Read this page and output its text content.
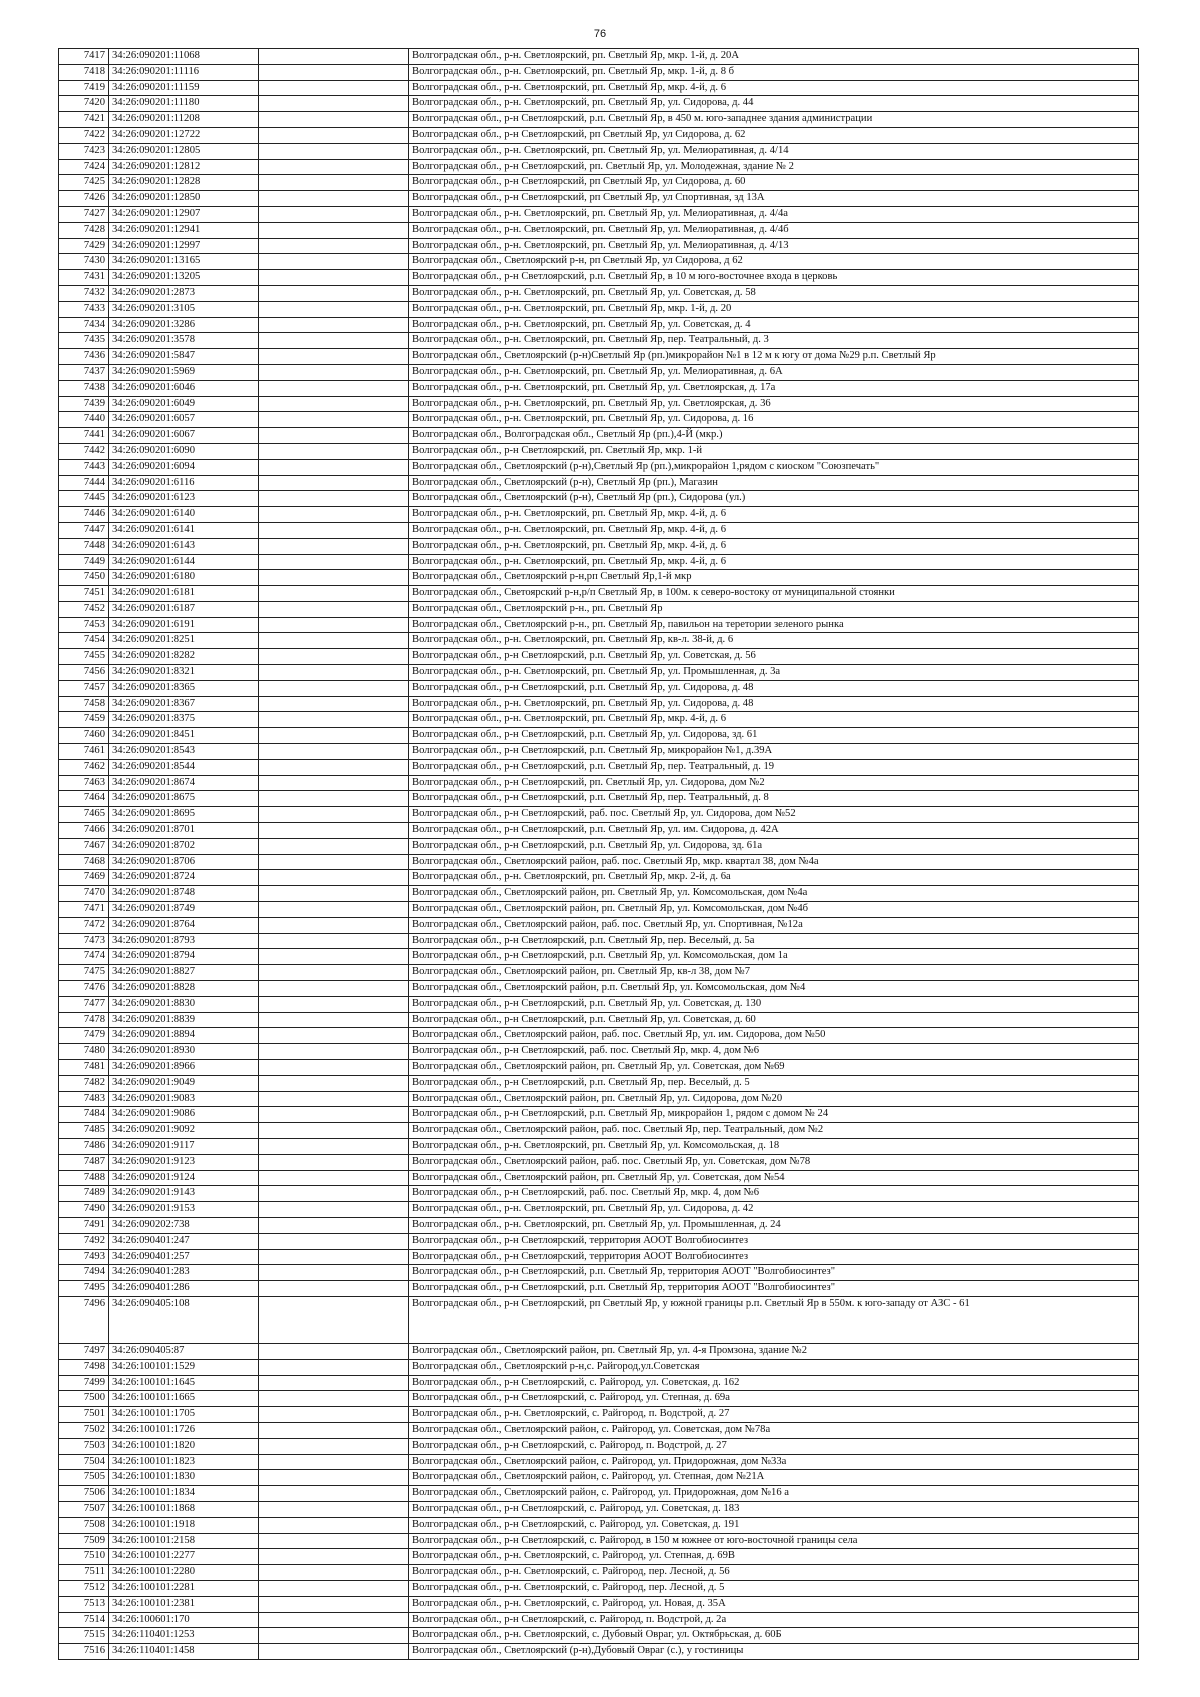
76
7417	34:26:090201:11068		Волгоградская обл., р-н. Светлоярский, рп. Светлый Яр, мкр. 1-й, д. 20А
7418	34:26:090201:11116		Волгоградская обл., р-н. Светлоярский, рп. Светлый Яр, мкр. 1-й, д. 8 б
7419	34:26:090201:11159		Волгоградская обл., р-н. Светлоярский, рп. Светлый Яр, мкр. 4-й, д. 6
7420	34:26:090201:11180		Волгоградская обл., р-н. Светлоярский, рп. Светлый Яр, ул. Сидорова, д. 44
7421	34:26:090201:11208		Волгоградская обл., р-н Светлоярский, р.п. Светлый Яр, в 450 м. юго-западнее здания администрации
7422	34:26:090201:12722		Волгоградская обл., р-н Светлоярский, рп Светлый Яр, ул Сидорова, д. 62
7423	34:26:090201:12805		Волгоградская обл., р-н. Светлоярский, рп. Светлый Яр, ул. Мелиоративная, д. 4/14
7424	34:26:090201:12812		Волгоградская обл., р-н Светлоярский, рп. Светлый Яр, ул. Молодежная, здание № 2
7425	34:26:090201:12828		Волгоградская обл., р-н Светлоярский, рп Светлый Яр, ул Сидорова, д. 60
7426	34:26:090201:12850		Волгоградская обл., р-н Светлоярский, рп Светлый Яр, ул Спортивная, зд 13А
7427	34:26:090201:12907		Волгоградская обл., р-н. Светлоярский, рп. Светлый Яр, ул. Мелиоративная, д. 4/4а
7428	34:26:090201:12941		Волгоградская обл., р-н. Светлоярский, рп. Светлый Яр, ул. Мелиоративная, д. 4/4б
7429	34:26:090201:12997		Волгоградская обл., р-н. Светлоярский, рп. Светлый Яр, ул. Мелиоративная, д. 4/13
7430	34:26:090201:13165		Волгоградская обл., Светлоярский р-н, рп Светлый Яр, ул Сидорова, д 62
7431	34:26:090201:13205		Волгоградская обл., р-н Светлоярский, р.п. Светлый Яр, в 10 м юго-восточнее входа в церковь
7432	34:26:090201:2873		Волгоградская обл., р-н. Светлоярский, рп. Светлый Яр, ул. Советская, д. 58
7433	34:26:090201:3105		Волгоградская обл., р-н. Светлоярский, рп. Светлый Яр, мкр. 1-й, д. 20
7434	34:26:090201:3286		Волгоградская обл., р-н. Светлоярский, рп. Светлый Яр, ул. Советская, д. 4
7435	34:26:090201:3578		Волгоградская обл., р-н. Светлоярский, рп. Светлый Яр, пер. Театральный, д. 3
7436	34:26:090201:5847		Волгоградская обл., Светлоярский (р-н)Светлый Яр (рп.)микрорайон №1 в 12 м к югу от дома №29 р.п. Светлый Яр
7437	34:26:090201:5969		Волгоградская обл., р-н. Светлоярский, рп. Светлый Яр, ул. Мелиоративная, д. 6А
7438	34:26:090201:6046		Волгоградская обл., р-н. Светлоярский, рп. Светлый Яр, ул. Светлоярская, д. 17а
7439	34:26:090201:6049		Волгоградская обл., р-н. Светлоярский, рп. Светлый Яр, ул. Светлоярская, д. 36
7440	34:26:090201:6057		Волгоградская обл., р-н. Светлоярский, рп. Светлый Яр, ул. Сидорова, д. 16
7441	34:26:090201:6067		Волгоградская обл., Волгоградская обл., Светлый Яр (рп.),4-Й (мкр.)
7442	34:26:090201:6090		Волгоградская обл., р-н Светлоярский, рп. Светлый Яр, мкр. 1-й
7443	34:26:090201:6094		Волгоградская обл., Светлоярский (р-н),Светлый Яр (рп.),микрорайон 1,рядом с киоском "Союзпечать"
7444	34:26:090201:6116		Волгоградская обл., Светлоярский (р-н), Светлый Яр (рп.), Магазин
7445	34:26:090201:6123		Волгоградская обл., Светлоярский (р-н), Светлый Яр (рп.), Сидорова (ул.)
7446	34:26:090201:6140		Волгоградская обл., р-н. Светлоярский, рп. Светлый Яр, мкр. 4-й, д. 6
7447	34:26:090201:6141		Волгоградская обл., р-н. Светлоярский, рп. Светлый Яр, мкр. 4-й, д. 6
7448	34:26:090201:6143		Волгоградская обл., р-н. Светлоярский, рп. Светлый Яр, мкр. 4-й, д. 6
7449	34:26:090201:6144		Волгоградская обл., р-н. Светлоярский, рп. Светлый Яр, мкр. 4-й, д. 6
7450	34:26:090201:6180		Волгоградская обл., Светлоярский р-н,рп Светлый Яр,1-й мкр
7451	34:26:090201:6181		Волгоградская обл., Светоярский р-н,р/п Светлый Яр, в 100м. к северо-востоку от муниципальной стоянки
7452	34:26:090201:6187		Волгоградская обл., Светлоярский р-н., рп. Светлый Яр
7453	34:26:090201:6191		Волгоградская обл., Светлоярский р-н., рп. Светлый Яр, павильон на теретории зеленого рынка
7454	34:26:090201:8251		Волгоградская обл., р-н. Светлоярский, рп. Светлый Яр, кв-л. 38-й, д. 6
7455	34:26:090201:8282		Волгоградская обл., р-н Светлоярский, р.п. Светлый Яр, ул. Советская, д. 56
7456	34:26:090201:8321		Волгоградская обл., р-н. Светлоярский, рп. Светлый Яр, ул. Промышленная, д. 3а
7457	34:26:090201:8365		Волгоградская обл., р-н Светлоярский, р.п. Светлый Яр, ул. Сидорова, д. 48
7458	34:26:090201:8367		Волгоградская обл., р-н. Светлоярский, рп. Светлый Яр, ул. Сидорова, д. 48
7459	34:26:090201:8375		Волгоградская обл., р-н. Светлоярский, рп. Светлый Яр, мкр. 4-й, д. 6
7460	34:26:090201:8451		Волгоградская обл., р-н Светлоярский, р.п. Светлый Яр, ул. Сидорова, зд. 61
7461	34:26:090201:8543		Волгоградская обл., р-н Светлоярский, р.п. Светлый Яр, микрорайон №1, д.39А
7462	34:26:090201:8544		Волгоградская обл., р-н Светлоярский, р.п. Светлый Яр, пер. Театральный, д. 19
7463	34:26:090201:8674		Волгоградская обл., р-н Светлоярский, рп. Светлый Яр, ул. Сидорова, дом №2
7464	34:26:090201:8675		Волгоградская обл., р-н Светлоярский, р.п. Светлый Яр, пер. Театральный, д. 8
7465	34:26:090201:8695		Волгоградская обл., р-н Светлоярский, раб. пос. Светлый Яр, ул. Сидорова, дом №52
7466	34:26:090201:8701		Волгоградская обл., р-н Светлоярский, р.п. Светлый Яр, ул. им. Сидорова, д. 42А
7467	34:26:090201:8702		Волгоградская обл., р-н Светлоярский, р.п. Светлый Яр, ул. Сидорова, зд. 61а
7468	34:26:090201:8706		Волгоградская обл., Светлоярский район, раб. пос. Светлый Яр, мкр. квартал 38, дом №4а
7469	34:26:090201:8724		Волгоградская обл., р-н. Светлоярский, рп. Светлый Яр, мкр. 2-й, д. 6а
7470	34:26:090201:8748		Волгоградская обл., Светлоярский район, рп. Светлый Яр, ул. Комсомольская, дом №4а
7471	34:26:090201:8749		Волгоградская обл., Светлоярский район, рп. Светлый Яр, ул. Комсомольская, дом №4б
7472	34:26:090201:8764		Волгоградская обл., Светлоярский район, раб. пос. Светлый Яр, ул. Спортивная, №12а
7473	34:26:090201:8793		Волгоградская обл., р-н Светлоярский, р.п. Светлый Яр, пер. Веселый, д. 5а
7474	34:26:090201:8794		Волгоградская обл., р-н Светлоярский, р.п. Светлый Яр, ул. Комсомольская, дом 1а
7475	34:26:090201:8827		Волгоградская обл., Светлоярский район, рп. Светлый Яр, кв-л 38, дом №7
7476	34:26:090201:8828		Волгоградская обл., Светлоярский район, р.п. Светлый Яр, ул. Комсомольская, дом №4
7477	34:26:090201:8830		Волгоградская обл., р-н Светлоярский, р.п. Светлый Яр, ул. Советская, д. 130
7478	34:26:090201:8839		Волгоградская обл., р-н Светлоярский, р.п. Светлый Яр, ул. Советская, д. 60
7479	34:26:090201:8894		Волгоградская обл., Светлоярский район, раб. пос. Светлый Яр, ул. им. Сидорова, дом №50
7480	34:26:090201:8930		Волгоградская обл., р-н Светлоярский, раб. пос. Светлый Яр, мкр. 4, дом №6
7481	34:26:090201:8966		Волгоградская обл., Светлоярский район, рп. Светлый Яр, ул. Советская, дом №69
7482	34:26:090201:9049		Волгоградская обл., р-н Светлоярский, р.п. Светлый Яр, пер. Веселый, д. 5
7483	34:26:090201:9083		Волгоградская обл., Светлоярский район, рп. Светлый Яр, ул. Сидорова, дом №20
7484	34:26:090201:9086		Волгоградская обл., р-н Светлоярский, р.п. Светлый Яр, микрорайон 1, рядом с домом № 24
7485	34:26:090201:9092		Волгоградская обл., Светлоярский район, раб. пос. Светлый Яр, пер. Театральный, дом №2
7486	34:26:090201:9117		Волгоградская обл., р-н. Светлоярский, рп. Светлый Яр, ул. Комсомольская, д. 18
7487	34:26:090201:9123		Волгоградская обл., Светлоярский район, раб. пос. Светлый Яр, ул. Советская, дом №78
7488	34:26:090201:9124		Волгоградская обл., Светлоярский район, рп. Светлый Яр, ул. Советская, дом №54
7489	34:26:090201:9143		Волгоградская обл., р-н Светлоярский, раб. пос. Светлый Яр, мкр. 4, дом №6
7490	34:26:090201:9153		Волгоградская обл., р-н. Светлоярский, рп. Светлый Яр, ул. Сидорова, д. 42
7491	34:26:090202:738		Волгоградская обл., р-н. Светлоярский, рп. Светлый Яр, ул. Промышленная, д. 24
7492	34:26:090401:247		Волгоградская обл., р-н Светлоярский, территория АООТ Волгобиосинтез
7493	34:26:090401:257		Волгоградская обл., р-н Светлоярский, территория АООТ Волгобиосинтез
7494	34:26:090401:283		Волгоградская обл., р-н Светлоярский, р.п. Светлый Яр, территория АООТ "Волгобиосинтез"
7495	34:26:090401:286		Волгоградская обл., р-н Светлоярский, р.п. Светлый Яр, территория АООТ "Волгобиосинтез"
7496	34:26:090405:108		Волгоградская обл., р-н Светлоярский, рп Светлый Яр, у южной границы р.п. Светлый Яр в 550м. к юго-западу от АЗС - 61
7497	34:26:090405:87		Волгоградская обл., Светлоярский район, рп. Светлый Яр, ул. 4-я Промзона, здание №2
7498	34:26:100101:1529		Волгоградская обл., Светлоярский р-н,с. Райгород,ул.Советская
7499	34:26:100101:1645		Волгоградская обл., р-н Светлоярский, с. Райгород, ул. Советская, д. 162
7500	34:26:100101:1665		Волгоградская обл., р-н Светлоярский, с. Райгород, ул. Степная, д. 69а
7501	34:26:100101:1705		Волгоградская обл., р-н. Светлоярский, с. Райгород, п. Водстрой, д. 27
7502	34:26:100101:1726		Волгоградская обл., Светлоярский район, с. Райгород, ул. Советская, дом №78а
7503	34:26:100101:1820		Волгоградская обл., р-н Светлоярский, с. Райгород, п. Водстрой, д. 27
7504	34:26:100101:1823		Волгоградская обл., Светлоярский район, с. Райгород, ул. Придорожная, дом №33а
7505	34:26:100101:1830		Волгоградская обл., Светлоярский район, с. Райгород, ул. Степная, дом №21А
7506	34:26:100101:1834		Волгоградская обл., Светлоярский район, с. Райгород, ул. Придорожная, дом №16 а
7507	34:26:100101:1868		Волгоградская обл., р-н Светлоярский, с. Райгород, ул. Советская, д. 183
7508	34:26:100101:1918		Волгоградская обл., р-н Светлоярский, с. Райгород, ул. Советская, д. 191
7509	34:26:100101:2158		Волгоградская обл., р-н Светлоярский, с. Райгород, в 150 м южнее от юго-восточной границы села
7510	34:26:100101:2277		Волгоградская обл., р-н. Светлоярский, с. Райгород, ул. Степная, д. 69В
7511	34:26:100101:2280		Волгоградская обл., р-н. Светлоярский, с. Райгород, пер. Лесной, д. 56
7512	34:26:100101:2281		Волгоградская обл., р-н. Светлоярский, с. Райгород, пер. Лесной, д. 5
7513	34:26:100101:2381		Волгоградская обл., р-н. Светлоярский, с. Райгород, ул. Новая, д. 35А
7514	34:26:100601:170		Волгоградская обл., р-н Светлоярский, с. Райгород, п. Водстрой, д. 2а
7515	34:26:110401:1253		Волгоградская обл., р-н. Светлоярский, с. Дубовый Овраг, ул. Октябрьская, д. 60Б
7516	34:26:110401:1458		Волгоградская обл., Светлоярский (р-н),Дубовый Овраг (с.), у гостиницы
